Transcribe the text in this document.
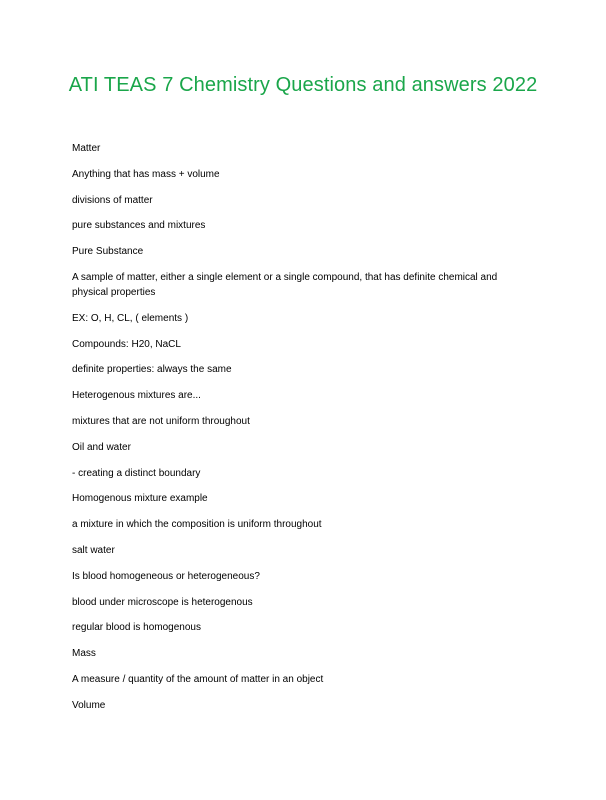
ATI TEAS 7 Chemistry Questions and answers 2022
Matter
Anything that has mass + volume
divisions of matter
pure substances and mixtures
Pure Substance
A sample of matter, either a single element or a single compound, that has definite chemical and physical properties
EX: O, H, CL, ( elements )
Compounds: H20, NaCL
definite properties: always the same
Heterogenous mixtures are...
mixtures that are not uniform throughout
Oil and water
- creating a distinct boundary
Homogenous mixture example
a mixture in which the composition is uniform throughout
salt water
Is blood homogeneous or heterogeneous?
blood under microscope is heterogenous
regular blood is homogenous
Mass
A measure / quantity of the amount of matter in an object
Volume
